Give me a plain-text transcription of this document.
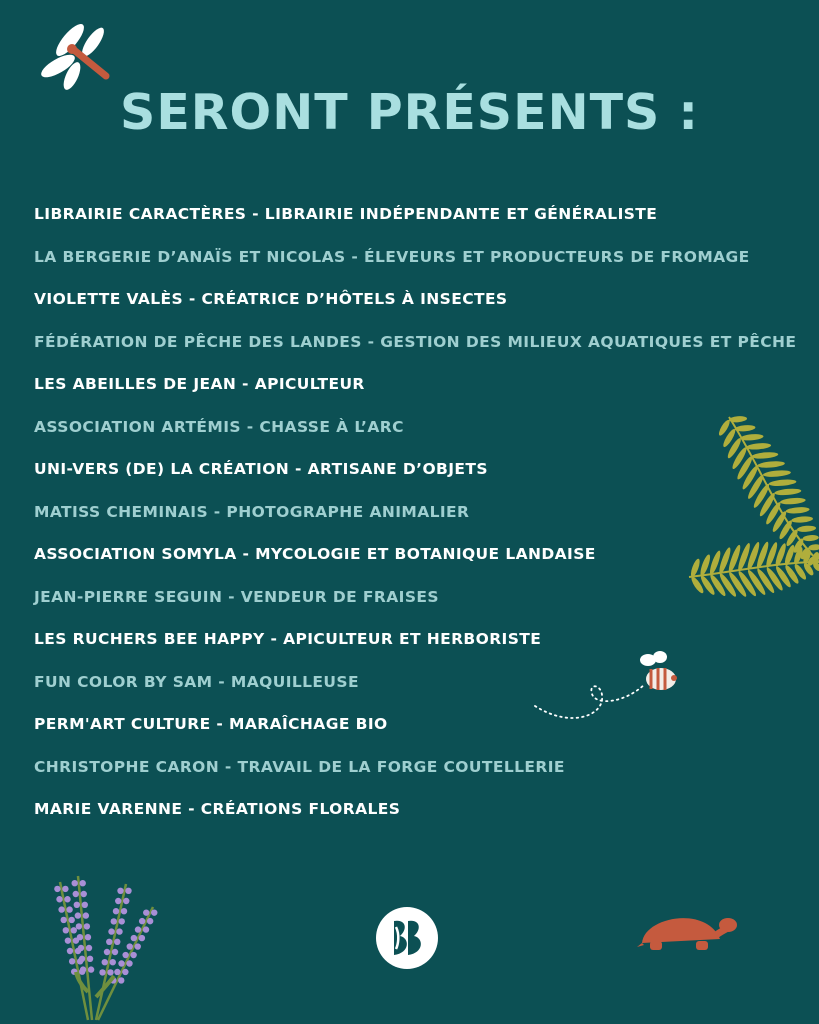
SERONT PRÉSENTS :
LIBRAIRIE CARACTÈRES - LIBRAIRIE INDÉPENDANTE ET GÉNÉRALISTE
LA BERGERIE D’ANAÏS ET NICOLAS - ÉLEVEURS ET PRODUCTEURS DE FROMAGE
VIOLETTE VALÈS - CRÉATRICE D’HÔTELS À INSECTES
FÉDÉRATION DE PÊCHE DES LANDES - GESTION DES MILIEUX AQUATIQUES ET PÊCHE
LES ABEILLES DE JEAN - APICULTEUR
ASSOCIATION ARTÉMIS - CHASSE À L’ARC
UNI-VERS (DE) LA CRÉATION - ARTISANE D’OBJETS
MATISS CHEMINAIS - PHOTOGRAPHE ANIMALIER
ASSOCIATION SOMYLA - MYCOLOGIE ET BOTANIQUE LANDAISE
JEAN-PIERRE SEGUIN - VENDEUR DE FRAISES
LES RUCHERS BEE HAPPY - APICULTEUR ET HERBORISTE
FUN COLOR BY SAM - MAQUILLEUSE
PERM'ART CULTURE - MARAÎCHAGE BIO
CHRISTOPHE CARON - TRAVAIL DE LA FORGE COUTELLERIE
MARIE VARENNE - CRÉATIONS FLORALES
